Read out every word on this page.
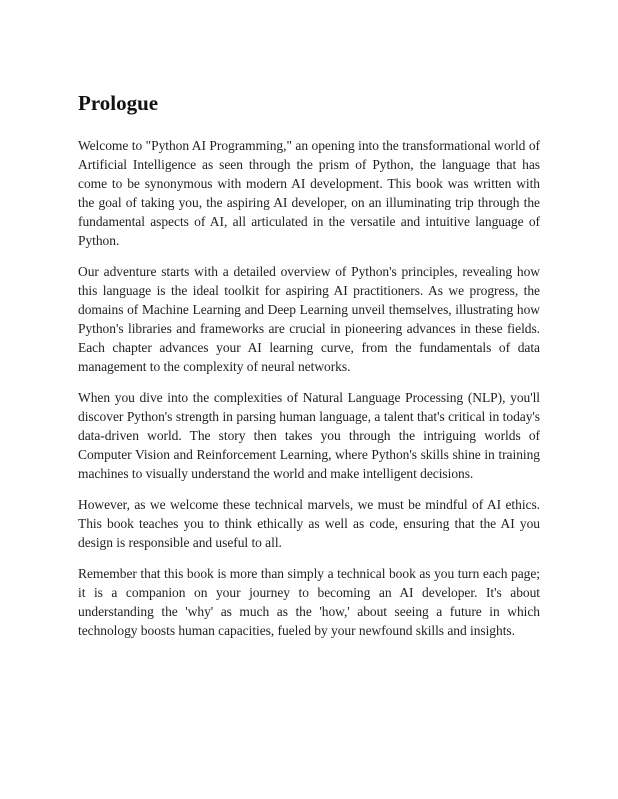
Prologue

Welcome to "Python AI Programming," an opening into the transformational world of Artificial Intelligence as seen through the prism of Python, the language that has come to be synonymous with modern AI development. This book was written with the goal of taking you, the aspiring AI developer, on an illuminating trip through the fundamental aspects of AI, all articulated in the versatile and intuitive language of Python.

Our adventure starts with a detailed overview of Python's principles, revealing how this language is the ideal toolkit for aspiring AI practitioners. As we progress, the domains of Machine Learning and Deep Learning unveil themselves, illustrating how Python's libraries and frameworks are crucial in pioneering advances in these fields. Each chapter advances your AI learning curve, from the fundamentals of data management to the complexity of neural networks.

When you dive into the complexities of Natural Language Processing (NLP), you'll discover Python's strength in parsing human language, a talent that's critical in today's data-driven world. The story then takes you through the intriguing worlds of Computer Vision and Reinforcement Learning, where Python's skills shine in training machines to visually understand the world and make intelligent decisions.

However, as we welcome these technical marvels, we must be mindful of AI ethics. This book teaches you to think ethically as well as code, ensuring that the AI you design is responsible and useful to all.

Remember that this book is more than simply a technical book as you turn each page; it is a companion on your journey to becoming an AI developer. It's about understanding the 'why' as much as the 'how,' about seeing a future in which technology boosts human capacities, fueled by your newfound skills and insights.
